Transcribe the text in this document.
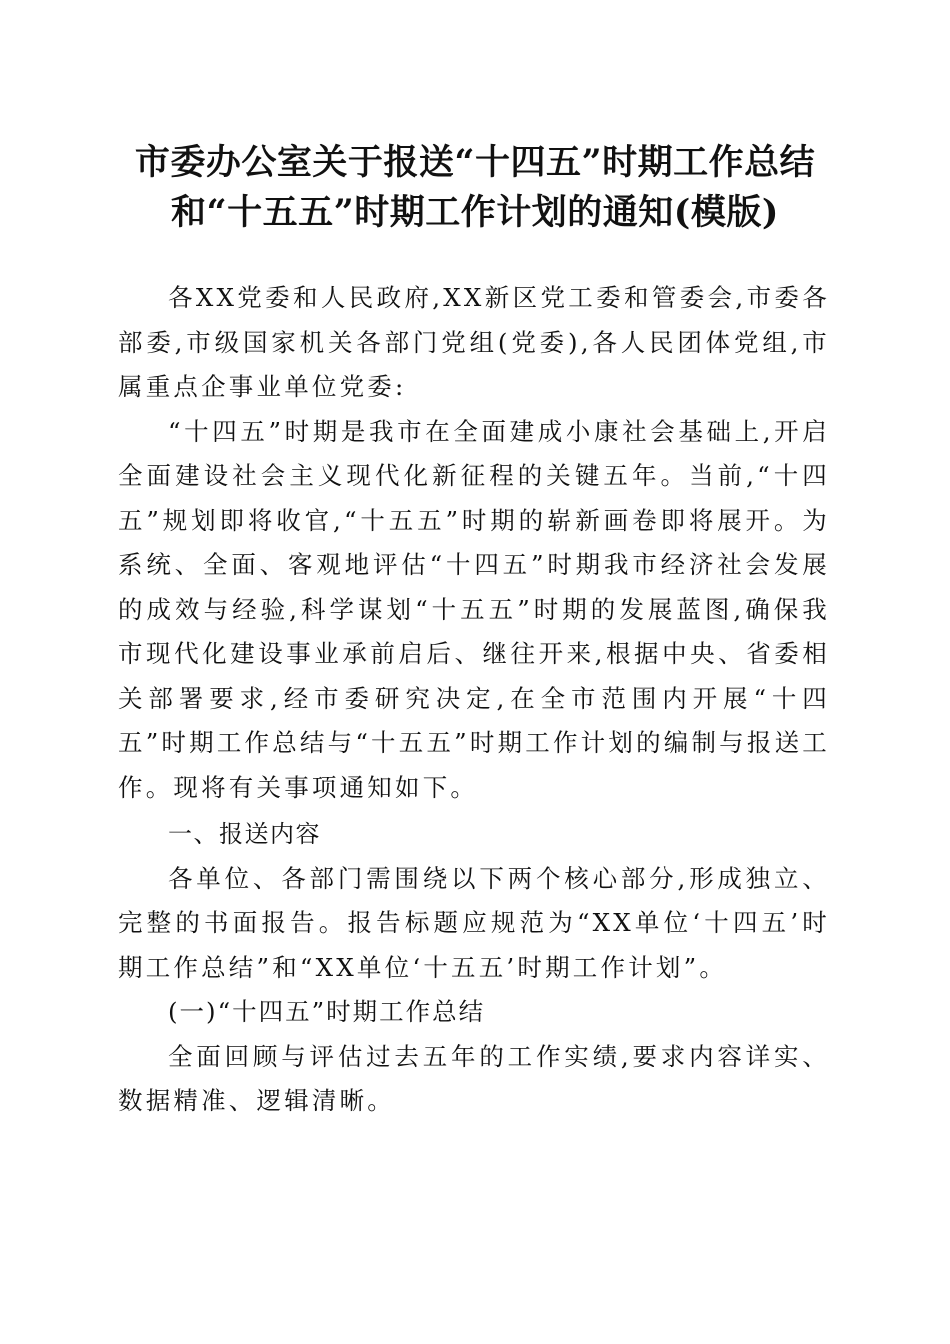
市委办公室关于报送“十四五”时期工作总结
和“十五五”时期工作计划的通知(模版)

各XX党委和人民政府,XX新区党工委和管委会,市委各部委,市级国家机关各部门党组(党委),各人民团体党组,市属重点企事业单位党委:

“十四五”时期是我市在全面建成小康社会基础上,开启全面建设社会主义现代化新征程的关键五年。当前,“十四五”规划即将收官,“十五五”时期的崭新画卷即将展开。为系统、全面、客观地评估“十四五”时期我市经济社会发展的成效与经验,科学谋划“十五五”时期的发展蓝图,确保我市现代化建设事业承前启后、继往开来,根据中央、省委相关部署要求,经市委研究决定,在全市范围内开展“十四五”时期工作总结与“十五五”时期工作计划的编制与报送工作。现将有关事项通知如下。

一、报送内容

各单位、各部门需围绕以下两个核心部分,形成独立、完整的书面报告。报告标题应规范为“XX单位‘十四五’时期工作总结”和“XX单位‘十五五’时期工作计划”。

(一)“十四五”时期工作总结

全面回顾与评估过去五年的工作实绩,要求内容详实、数据精准、逻辑清晰。
